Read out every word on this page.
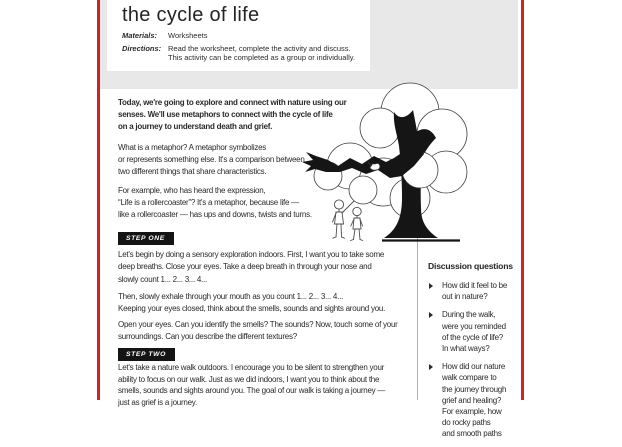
the cycle of life
Materials:	Worksheets
Directions: Read the worksheet, complete the activity and discuss.
This activity can be completed as a group or individually.
Today, we're going to explore and connect with nature using our
senses. We'll use metaphors to connect with the cycle of life
on a journey to understand death and grief.
What is a metaphor? A metaphor symbolizes
or represents something else. It's a comparison between
two different things that share characteristics.
For example, who has heard the expression,
“Life is a rollercoaster”? It's a metaphor, because life —
like a rollercoaster — has ups and downs, twists and turns.
STEP ONE
Let's begin by doing a sensory exploration indoors. First, I want you to take some
deep breaths. Close your eyes. Take a deep breath in through your nose and
slowly count 1... 2... 3... 4...
Then, slowly exhale through your mouth as you count 1... 2... 3... 4...
Keeping your eyes closed, think about the smells, sounds and sights around you.
Open your eyes. Can you identify the smells? The sounds? Now, touch some of your
surroundings. Can you describe the different textures?
STEP TWO
Let's take a nature walk outdoors. I encourage you to be silent to strengthen your
ability to focus on our walk. Just as we did indoors, I want you to think about the
smells, sounds and sights around you. The goal of our walk is taking a journey —
just as grief is a journey.
Discussion questions
How did it feel to be
out in nature?
During the walk,
were you reminded
of the cycle of life?
In what ways?
How did our nature
walk compare to
the journey through
grief and healing?
For example, how
do rocky paths
and smooth paths
